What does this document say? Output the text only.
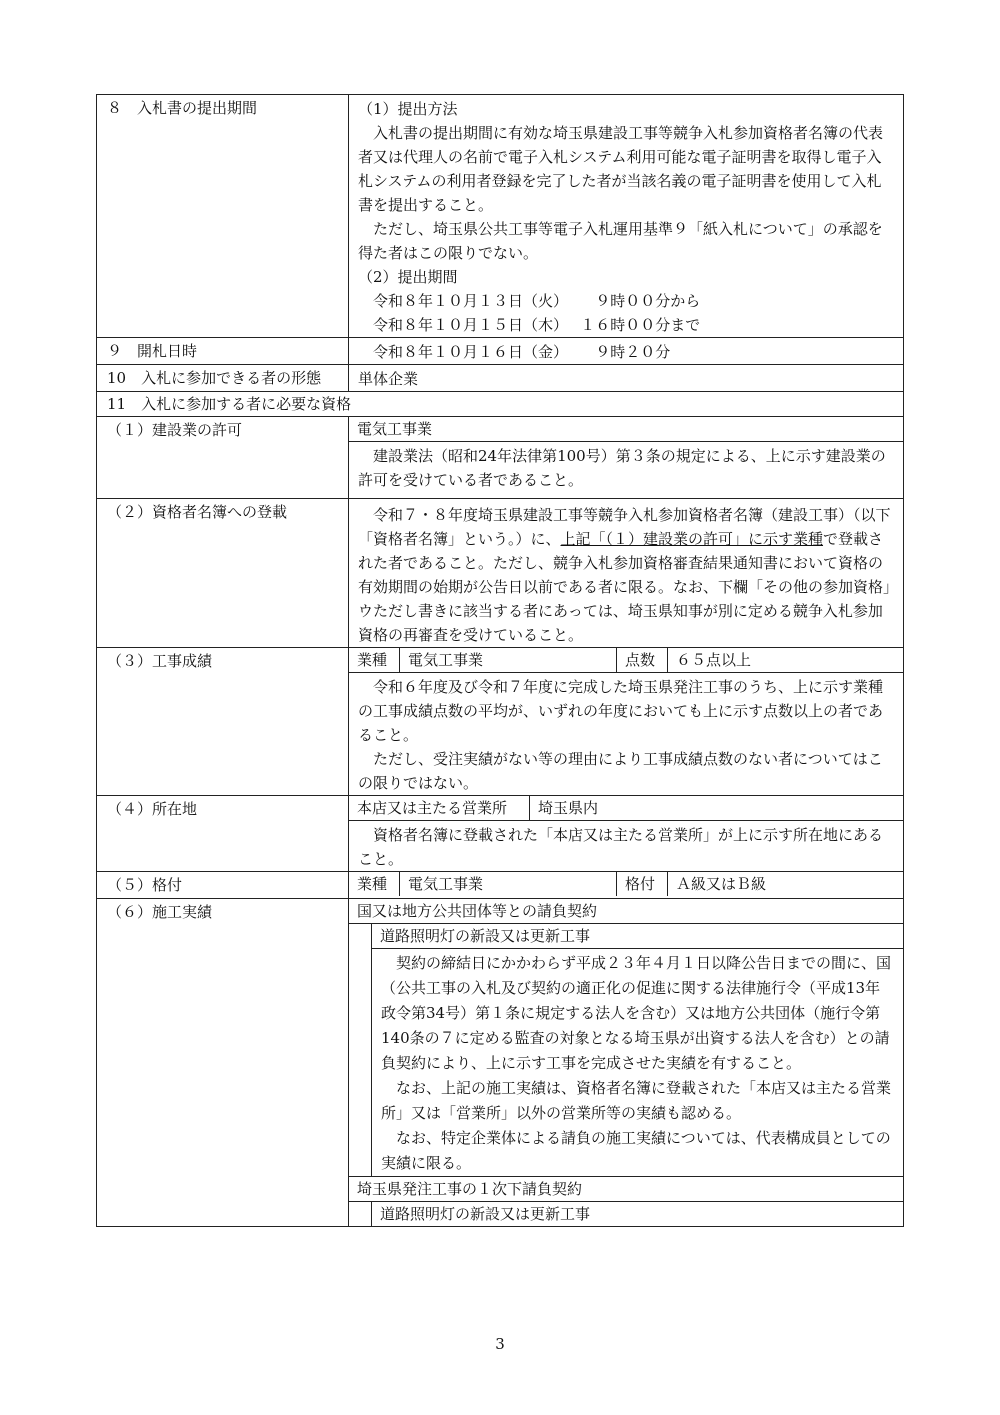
８　入札書の提出期間	（1）提出方法

入札書の提出期間に有効な埼玉県建設工事等競争入札参加資格者名簿の代表者又は代理人の名前で電子入札システム利用可能な電子証明書を取得し電子入札システムの利用者登録を完了した者が当該名義の電子証明書を使用して入札書を提出すること。

ただし、埼玉県公共工事等電子入札運用基準９「紙入札について」の承認を得た者はこの限りでない。

（2）提出期間

令和８年１０月１３日（火）　　 ９時００分から

令和８年１０月１５日（木）　 １６時００分まで

９　開札日時	令和８年１０月１６日（金）　　 ９時２０分
10　入札に参加できる者の形態	単体企業
11　入札に参加する者に必要な資格
（１）建設業の許可	電気工事業
建設業法（昭和24年法律第100号）第３条の規定による、上に示す建設業の許可を受けている者であること。
（２）資格者名簿への登載	令和７・８年度埼玉県建設工事等競争入札参加資格者名簿（建設工事）（以下「資格者名簿」という。）に、上記「（１）建設業の許可」に示す業種で登載された者であること。ただし、競争入札参加資格審査結果通知書において資格の有効期間の始期が公告日以前である者に限る。なお、下欄「その他の参加資格」ウただし書きに該当する者にあっては、埼玉県知事が別に定める競争入札参加資格の再審査を受けていること。
（３）工事成績	業種	電気工事業	点数	６５点以上

令和６年度及び令和７年度に完成した埼玉県発注工事のうち、上に示す業種の工事成績点数の平均が、いずれの年度においても上に示す点数以上の者であること。

ただし、受注実績がない等の理由により工事成績点数のない者についてはこの限りではない。

（４）所在地	本店又は主たる営業所	埼玉県内
資格者名簿に登載された「本店又は主たる営業所」が上に示す所在地にあること。
（５）格付	業種	電気工事業	格付	Ａ級又はＢ級
（６）施工実績	国又は地方公共団体等との請負契約
道路照明灯の新設又は更新工事

契約の締結日にかかわらず平成２３年４月１日以降公告日までの間に、国（公共工事の入札及び契約の適正化の促進に関する法律施行令（平成13年政令第34号）第１条に規定する法人を含む）又は地方公共団体（施行令第140条の７に定める監査の対象となる埼玉県が出資する法人を含む）との請負契約により、上に示す工事を完成させた実績を有すること。

なお、上記の施工実績は、資格者名簿に登載された「本店又は主たる営業所」又は「営業所」以外の営業所等の実績も認める。

なお、特定企業体による請負の施工実績については、代表構成員としての実績に限る。

埼玉県発注工事の１次下請負契約
道路照明灯の新設又は更新工事
3
